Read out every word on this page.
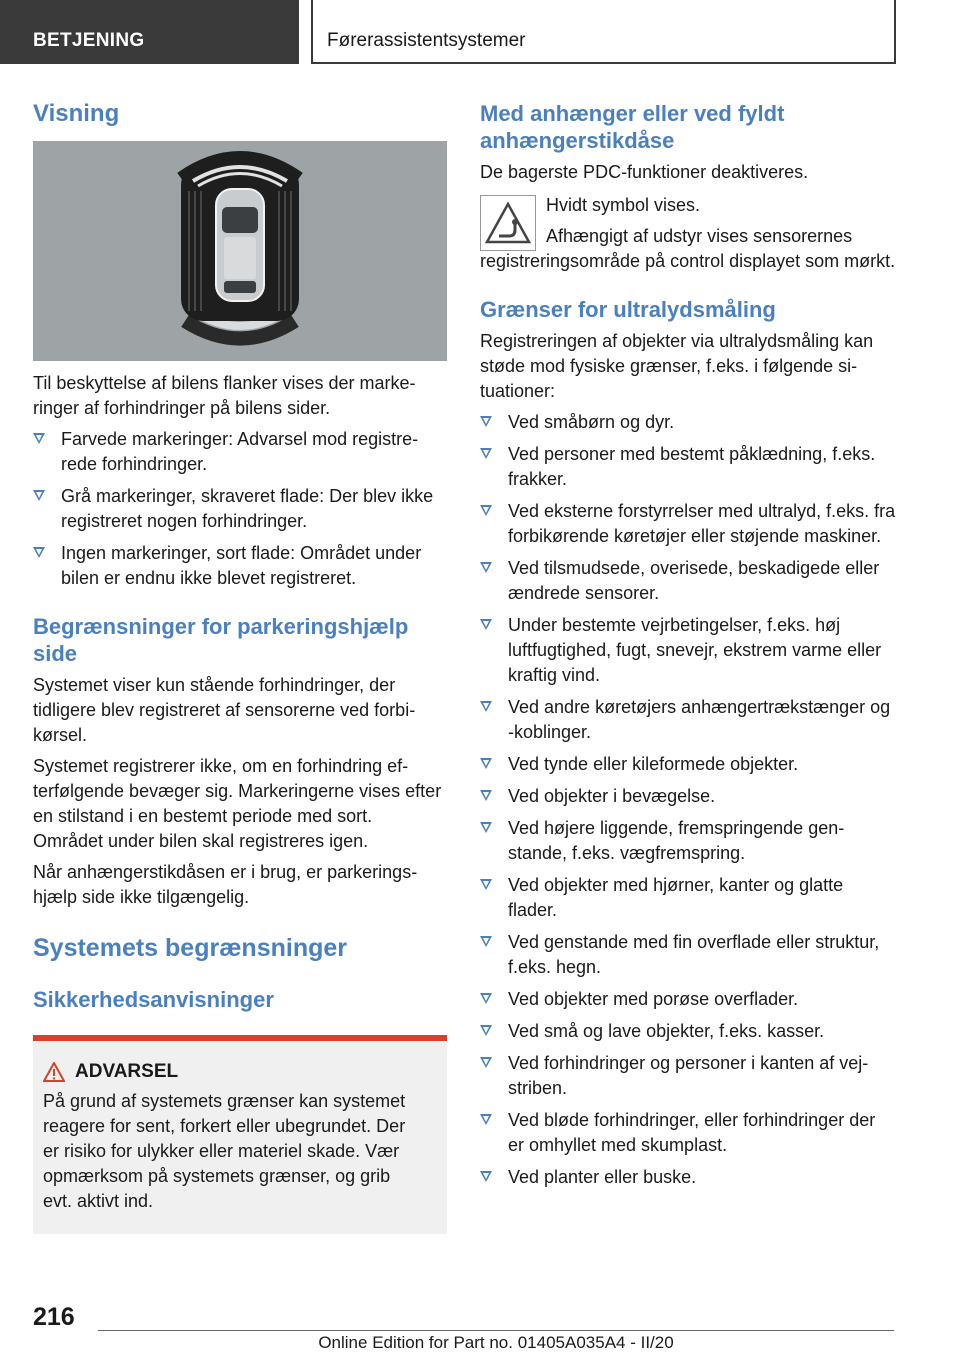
BETJENING	Førerassistentsystemer
Visning

Til beskyttelse af bilens flanker vises der markeringer af forhindringer på bilens sider.

Farvede markeringer: Advarsel mod registrerede forhindringer.
Grå markeringer, skraveret flade: Der blev ikke registreret nogen forhindringer.
Ingen markeringer, sort flade: Området under bilen er endnu ikke blevet registreret.
Begrænsninger for parkeringshjælp side

Systemet viser kun stående forhindringer, der tidligere blev registreret af sensorerne ved forbikørsel.

Systemet registrerer ikke, om en forhindring efterfølgende bevæger sig. Markeringerne vises efter en stilstand i en bestemt periode med sort. Området under bilen skal registreres igen.

Når anhængerstikdåsen er i brug, er parkeringshjælp side ikke tilgængelig.

Systemets begrænsninger
Sikkerhedsanvisninger
ADVARSEL

På grund af systemets grænser kan systemet reagere for sent, forkert eller ubegrundet. Der er risiko for ulykker eller materiel skade. Vær opmærksom på systemets grænser, og grib evt. aktivt ind.

Med anhænger eller ved fyldt anhængerstikdåse

De bagerste PDC-funktioner deaktiveres.

Hvidt symbol vises.

Afhængigt af udstyr vises sensorernes registreringsområde på control displayet som mørkt.

Grænser for ultralydsmåling

Registreringen af objekter via ultralydsmåling kan støde mod fysiske grænser, f.eks. i følgende situationer:

Ved småbørn og dyr.
Ved personer med bestemt påklædning, f.eks. frakker.
Ved eksterne forstyrrelser med ultralyd, f.eks. fra forbikørende køretøjer eller støjende maskiner.
Ved tilsmudsede, overisede, beskadigede eller ændrede sensorer.
Under bestemte vejrbetingelser, f.eks. høj luftfugtighed, fugt, snevejr, ekstrem varme eller kraftig vind.
Ved andre køretøjers anhængertrækstænger og -koblinger.
Ved tynde eller kileformede objekter.
Ved objekter i bevægelse.
Ved højere liggende, fremspringende genstande, f.eks. vægfremspring.
Ved objekter med hjørner, kanter og glatte flader.
Ved genstande med fin overflade eller struktur, f.eks. hegn.
Ved objekter med porøse overflader.
Ved små og lave objekter, f.eks. kasser.
Ved forhindringer og personer i kanten af vejstriben.
Ved bløde forhindringer, eller forhindringer der er omhyllet med skumplast.
Ved planter eller buske.
216
Online Edition for Part no. 01405A035A4 - II/20
